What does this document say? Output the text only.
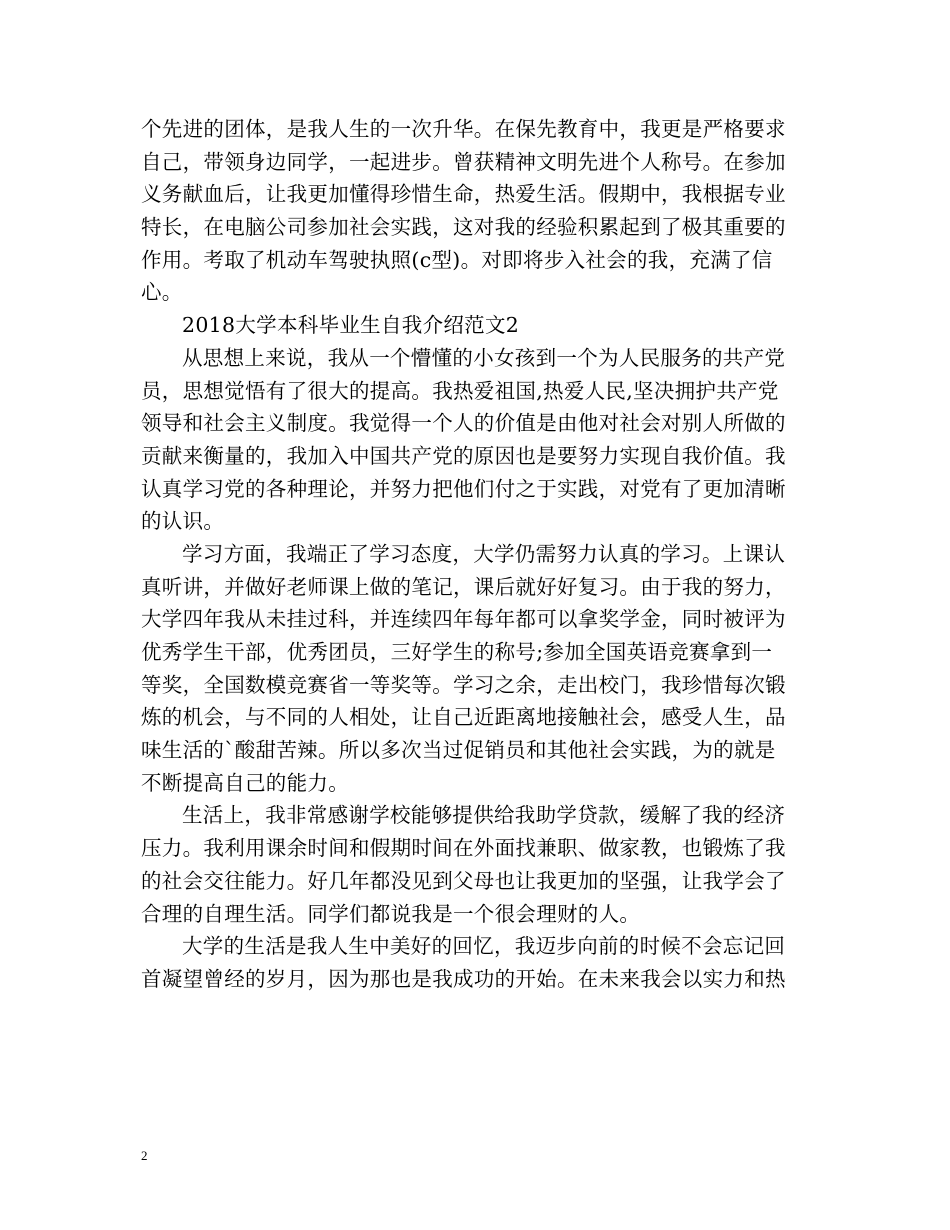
个先进的团体，是我人生的一次升华。在保先教育中，我更是严格要求
自己，带领身边同学，一起进步。曾获精神文明先进个人称号。在参加
义务献血后，让我更加懂得珍惜生命，热爱生活。假期中，我根据专业
特长，在电脑公司参加社会实践，这对我的经验积累起到了极其重要的
作用。考取了机动车驾驶执照(c型)。对即将步入社会的我，充满了信
心。
2018大学本科毕业生自我介绍范文2
从思想上来说，我从一个懵懂的小女孩到一个为人民服务的共产党
员，思想觉悟有了很大的提高。我热爱祖国,热爱人民,坚决拥护共产党
领导和社会主义制度。我觉得一个人的价值是由他对社会对别人所做的
贡献来衡量的，我加入中国共产党的原因也是要努力实现自我价值。我
认真学习党的各种理论，并努力把他们付之于实践，对党有了更加清晰
的认识。
学习方面，我端正了学习态度，大学仍需努力认真的学习。上课认
真听讲，并做好老师课上做的笔记，课后就好好复习。由于我的努力，
大学四年我从未挂过科，并连续四年每年都可以拿奖学金，同时被评为
优秀学生干部，优秀团员，三好学生的称号;参加全国英语竞赛拿到一
等奖，全国数模竞赛省一等奖等。学习之余，走出校门，我珍惜每次锻
炼的机会，与不同的人相处，让自己近距离地接触社会，感受人生，品
味生活的`酸甜苦辣。所以多次当过促销员和其他社会实践，为的就是
不断提高自己的能力。
生活上，我非常感谢学校能够提供给我助学贷款，缓解了我的经济
压力。我利用课余时间和假期时间在外面找兼职、做家教，也锻炼了我
的社会交往能力。好几年都没见到父母也让我更加的坚强，让我学会了
合理的自理生活。同学们都说我是一个很会理财的人。
大学的生活是我人生中美好的回忆，我迈步向前的时候不会忘记回
首凝望曾经的岁月，因为那也是我成功的开始。在未来我会以实力和热
2
